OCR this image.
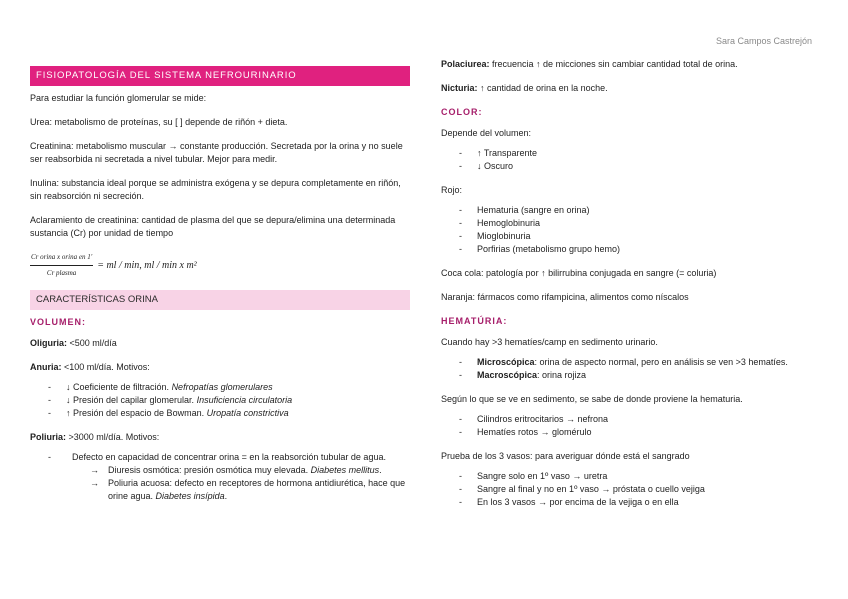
Sara Campos Castrejón
FISIOPATOLOGÍA DEL SISTEMA NEFROURINARIO

Para estudiar la función glomerular se mide:

Urea: metabolismo de proteínas, su [ ] depende de riñón + dieta.

Creatinina: metabolismo muscular → constante producción. Secretada por la orina y no suele ser reabsorbida ni secretada a nivel tubular. Mejor para medir.

Inulina: substancia ideal porque se administra exógena y se depura completamente en riñón, sin reabsorción ni secreción.

Aclaramiento de creatinina: cantidad de plasma del que se depura/elimina una determinada sustancia (Cr) por unidad de tiempo

$\frac{\text{Cr orina x orina en 1'}}{\text{Cr plasma}}$ = ml / min, ml / min x m²
CARACTERÍSTICAS ORINA
VOLUMEN:

Oliguria: <500 ml/día

Anuria: <100 ml/día. Motivos:

- ↓ Coeficiente de filtración. Nefropatías glomerulares
- ↓ Presión del capilar glomerular. Insuficiencia circulatoria
- ↑ Presión del espacio de Bowman. Uropatía constrictiva

Poliuria: >3000 ml/día. Motivos:

- Defecto en capacidad de concentrar orina = en la reabsorción tubular de agua.
→ Diuresis osmótica: presión osmótica muy elevada. Diabetes mellitus.
→ Poliuria acuosa: defecto en receptores de hormona antidiurética, hace que orine agua. Diabetes insípida.

Polaciurea: frecuencia ↑ de micciones sin cambiar cantidad total de orina.

Nicturia: ↑ cantidad de orina en la noche.

COLOR:

Depende del volumen:

- ↑ Transparente
- ↓ Oscuro

Rojo:

- Hematuria (sangre en orina)
- Hemoglobinuria
- Mioglobinuria
- Porfirias (metabolismo grupo hemo)

Coca cola: patología por ↑ bilirrubina conjugada en sangre (= coluria)

Naranja: fármacos como rifampicina, alimentos como níscalos

HEMATÚRIA:

Cuando hay >3 hematíes/camp en sedimento urinario.

- Microscópica: orina de aspecto normal, pero en análisis se ven >3 hematíes.
- Macroscópica: orina rojiza

Según lo que se ve en sedimento, se sabe de donde proviene la hematuria.

- Cilindros eritrocitarios → nefrona
- Hematíes rotos → glomérulo

Prueba de los 3 vasos: para averiguar dónde está el sangrado

- Sangre solo en 1º vaso → uretra
- Sangre al final y no en 1º vaso → próstata o cuello vejiga
- En los 3 vasos → por encima de la vejiga o en ella
